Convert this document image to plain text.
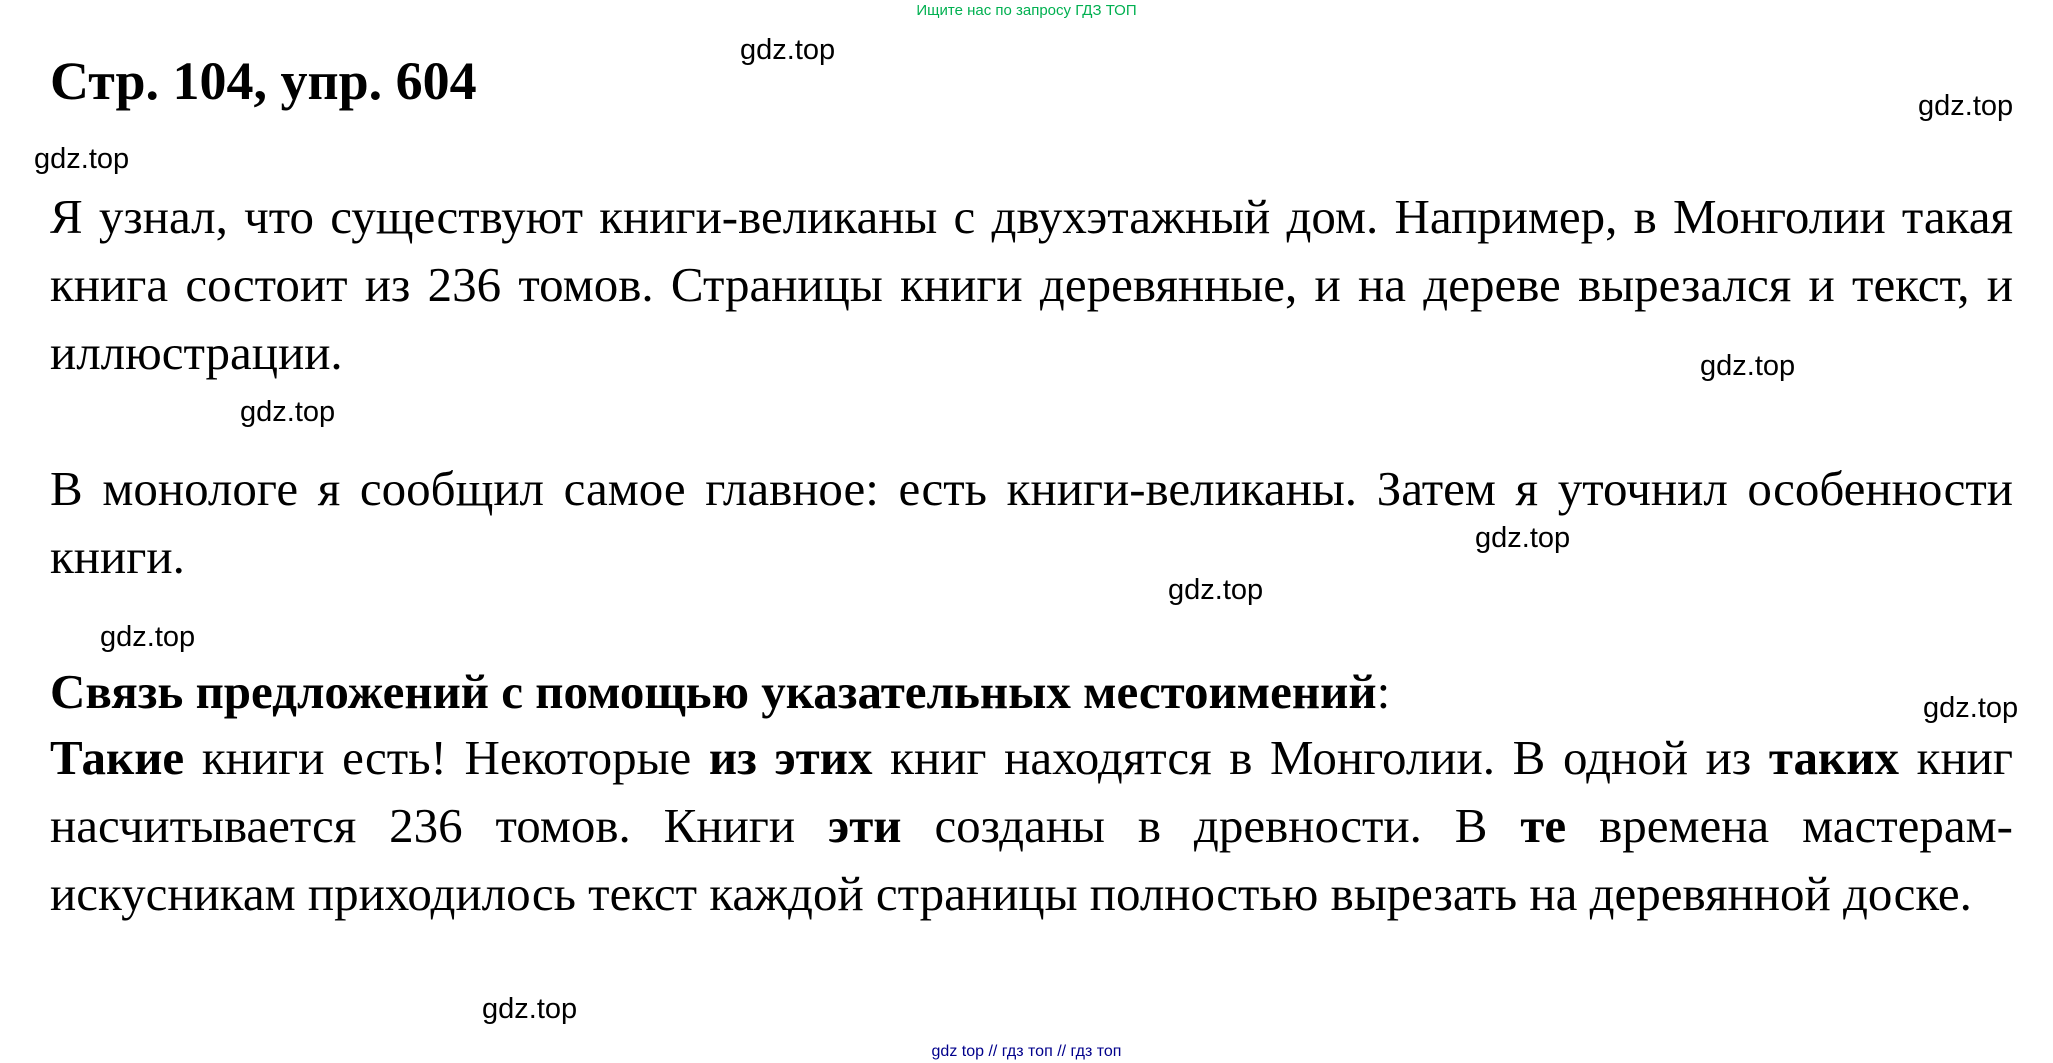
Ищите нас по запросу ГДЗ ТОП
Стр. 104, упр. 604
gdz.top
gdz.top
gdz.top
gdz.top
gdz.top
gdz.top
gdz.top
gdz.top
gdz.top
gdz.top
Я узнал, что существуют книги-великаны с двухэтажный дом. Например, в Монголии такая книга состоит из 236 томов. Страницы книги деревянные, и на дереве вырезался и текст, и иллюстрации.
В монологе я сообщил самое главное: есть книги-великаны. Затем я уточнил особенности книги.
Связь предложений с помощью указательных местоимений:
Такие книги есть! Некоторые из этих книг находятся в Монголии. В одной из таких книг насчитывается 236 томов. Книги эти созданы в древности. В те времена мастерам-искусникам приходилось текст каждой страницы полностью вырезать на деревянной доске.
gdz top // гдз топ // гдз топ
